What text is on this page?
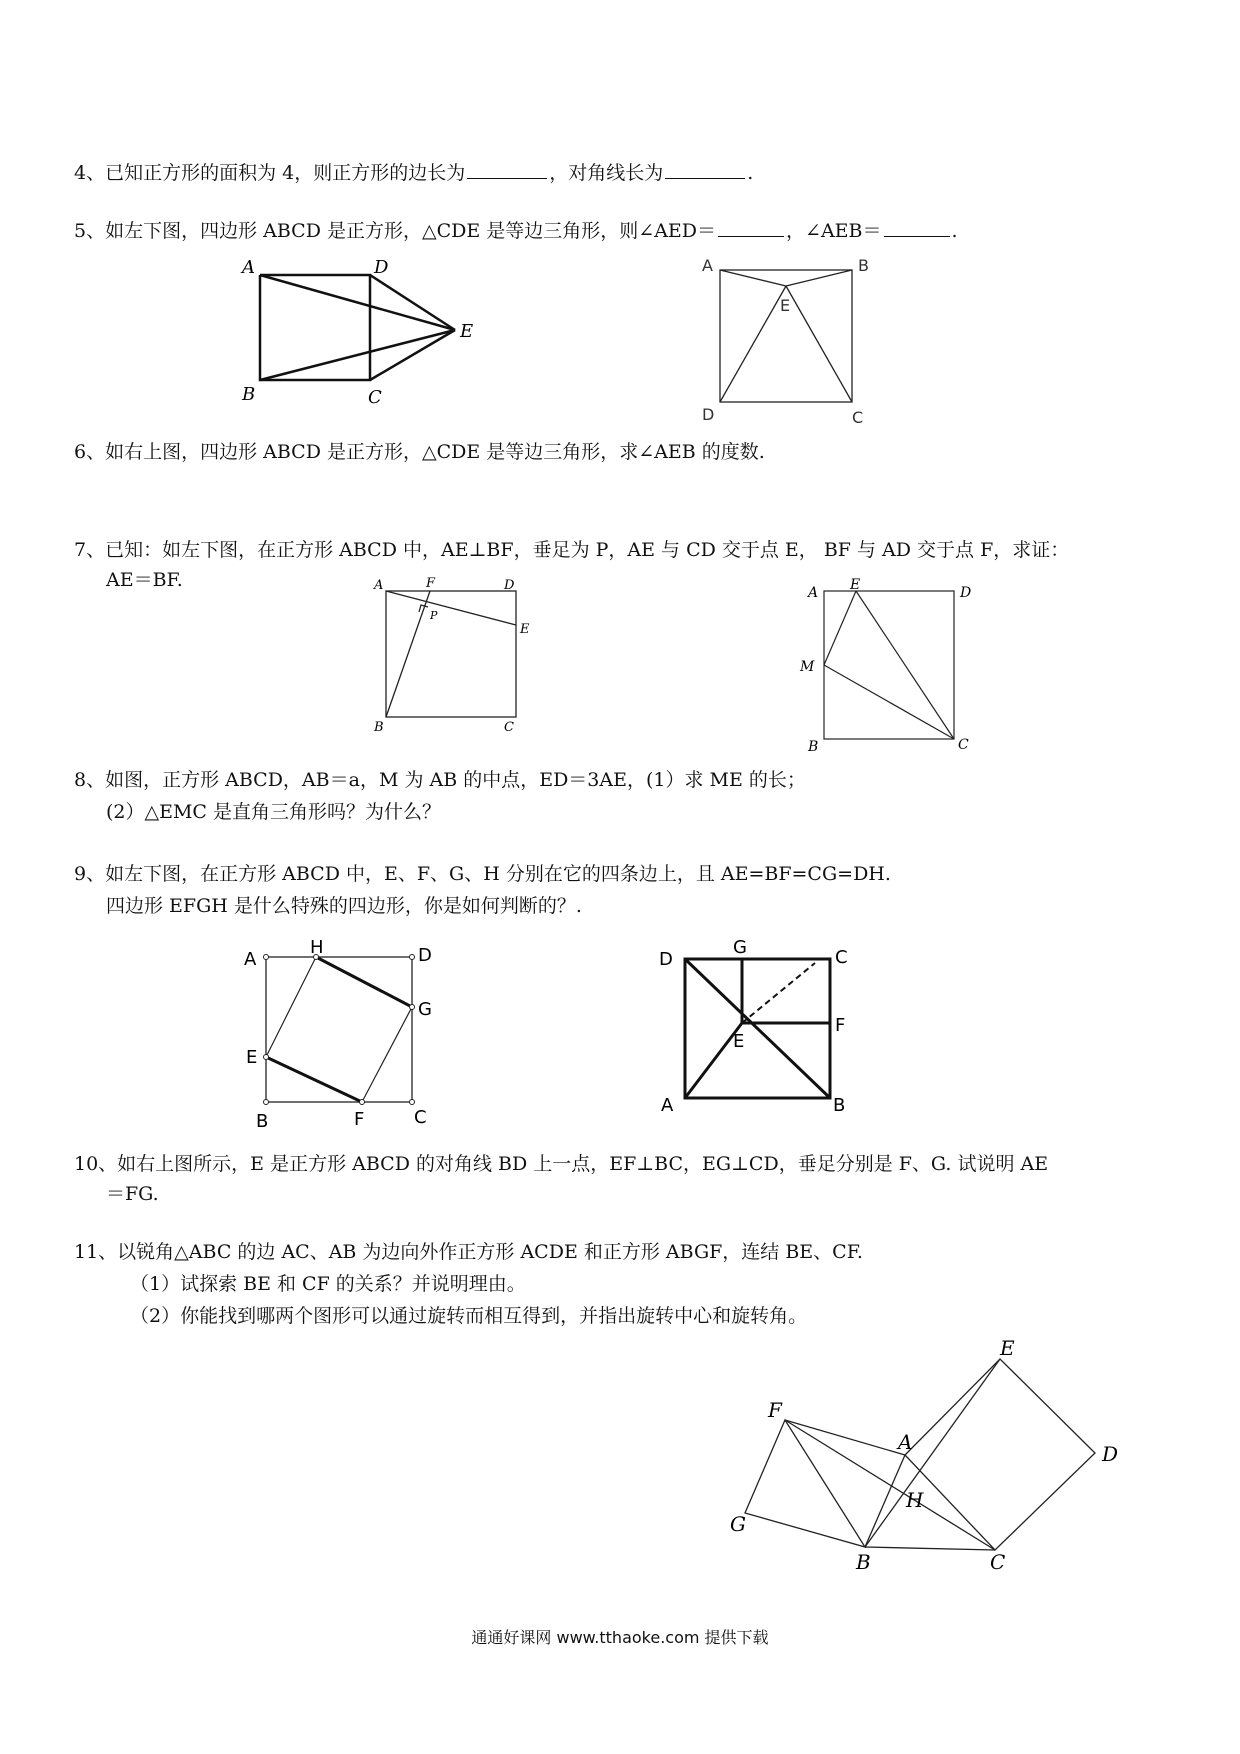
4、已知正方形的面积为 4，则正方形的边长为	，对角线长为	.
5、如左下图，四边形 ABCD 是正方形，△CDE 是等边三角形，则∠AED＝	，∠AEB＝	.
A	D
E
B	C
A	B
E
D	C
6、如右上图，四边形 ABCD 是正方形，△CDE 是等边三角形，求∠AEB 的度数.
7、已知：如左下图，在正方形 ABCD 中，AE⊥BF，垂足为 P，AE 与 CD 交于点 E， BF 与 AD 交于点 F，求证：
AE＝BF.	A	F	D
P
E
B	C
A E	D
M
B	C
8、如图，正方形 ABCD，AB＝a，M 为 AB 的中点，ED＝3AE，(1）求 ME 的长；
(2）△EMC 是直角三角形吗？为什么？
9、如左下图，在正方形 ABCD 中，E、F、G、H 分别在它的四条边上，且 AE=BF=CG=DH.
四边形 EFGH 是什么特殊的四边形，你是如何判断的？.
A
H	D
G
E
B	F	C
D
G	C
F
E
A	B
10、如右上图所示，E 是正方形 ABCD 的对角线 BD 上一点，EF⊥BC，EG⊥CD，垂足分别是 F、G. 试说明 AE
＝FG.
11、以锐角△ABC 的边 AC、AB 为边向外作正方形 ACDE 和正方形 ABGF，连结 BE、CF.
（1）试探索 BE 和 CF 的关系？并说明理由。
（2）你能找到哪两个图形可以通过旋转而相互得到，并指出旋转中心和旋转角。
F
G
A
E
D
H
B	C
通通好课网 www.tthaoke.com 提供下载
